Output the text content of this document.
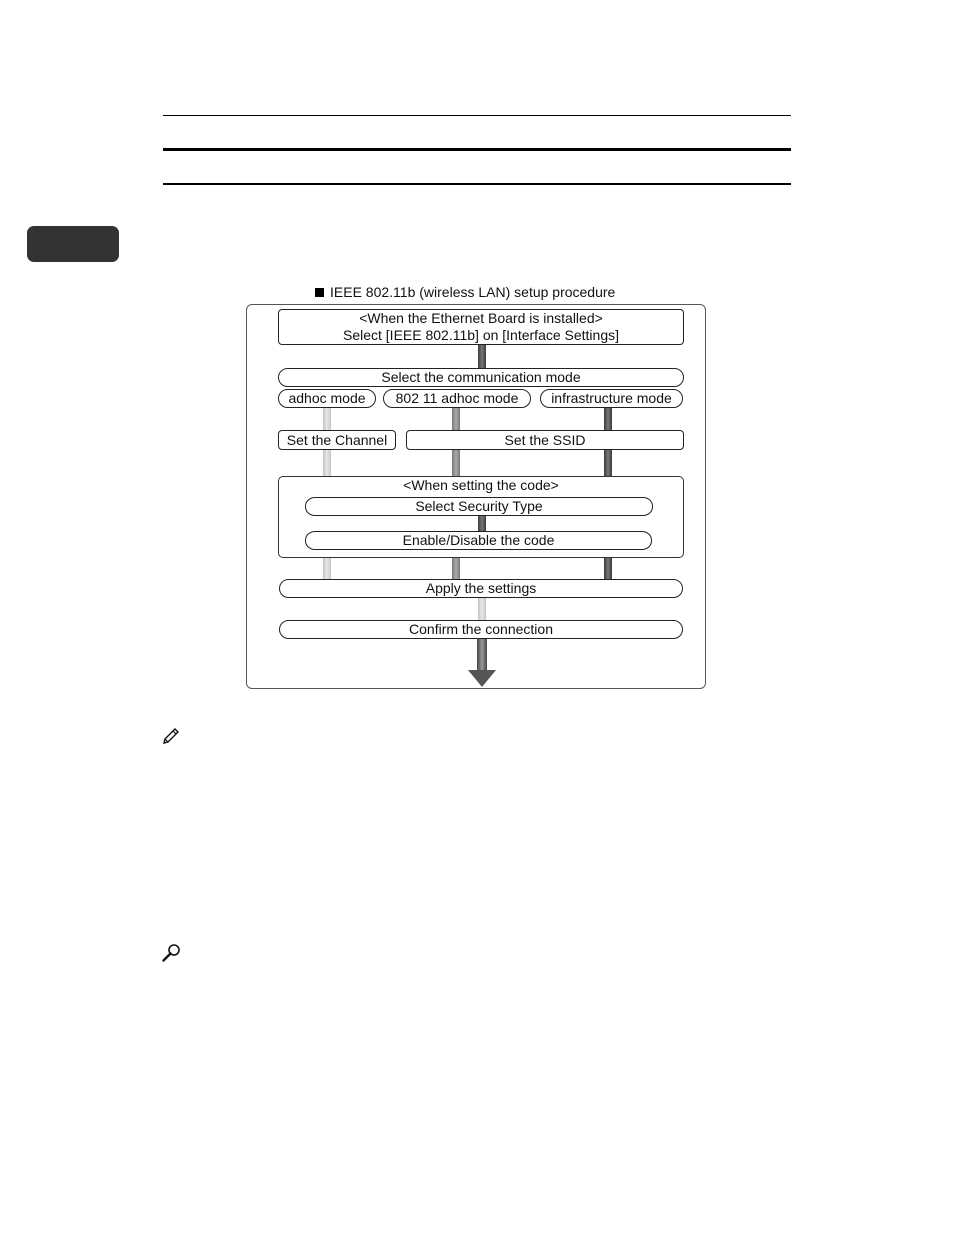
IEEE 802.11b (wireless LAN) setup procedure
<When the Ethernet Board is installed>
Select [IEEE 802.11b] on [Interface Settings]
Select the communication mode
adhoc mode	802 11 adhoc mode	infrastructure mode
Set the Channel	Set the SSID
<When setting the code>
Select Security Type
Enable/Disable the code
Apply the settings
Confirm the connection
